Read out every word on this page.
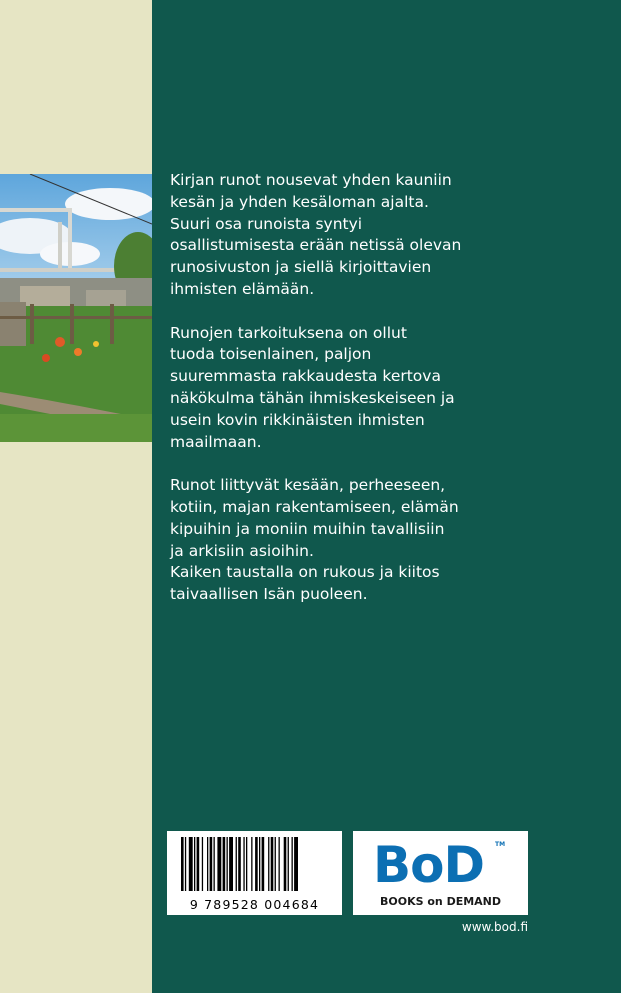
Kirjan runot nousevat yhden kauniin
kesän ja yhden kesäloman ajalta.
Suuri osa runoista syntyi
osallistumisesta erään netissä olevan
runosivuston ja siellä kirjoittavien
ihmisten elämään.

Runojen tarkoituksena on ollut
tuoda toisenlainen, paljon
suuremmasta rakkaudesta kertova
näkökulma tähän ihmiskeskeiseen ja
usein kovin rikkinäisten ihmisten
maailmaan.

Runot liittyvät kesään, perheeseen,
kotiin, majan rakentamiseen, elämän
kipuihin ja moniin muihin tavallisiin
ja arkisiin asioihin.
Kaiken taustalla on rukous ja kiitos
taivaallisen Isän puoleen.

9 789528 004684
BoD TM
BOOKS on DEMAND
www.bod.fi
